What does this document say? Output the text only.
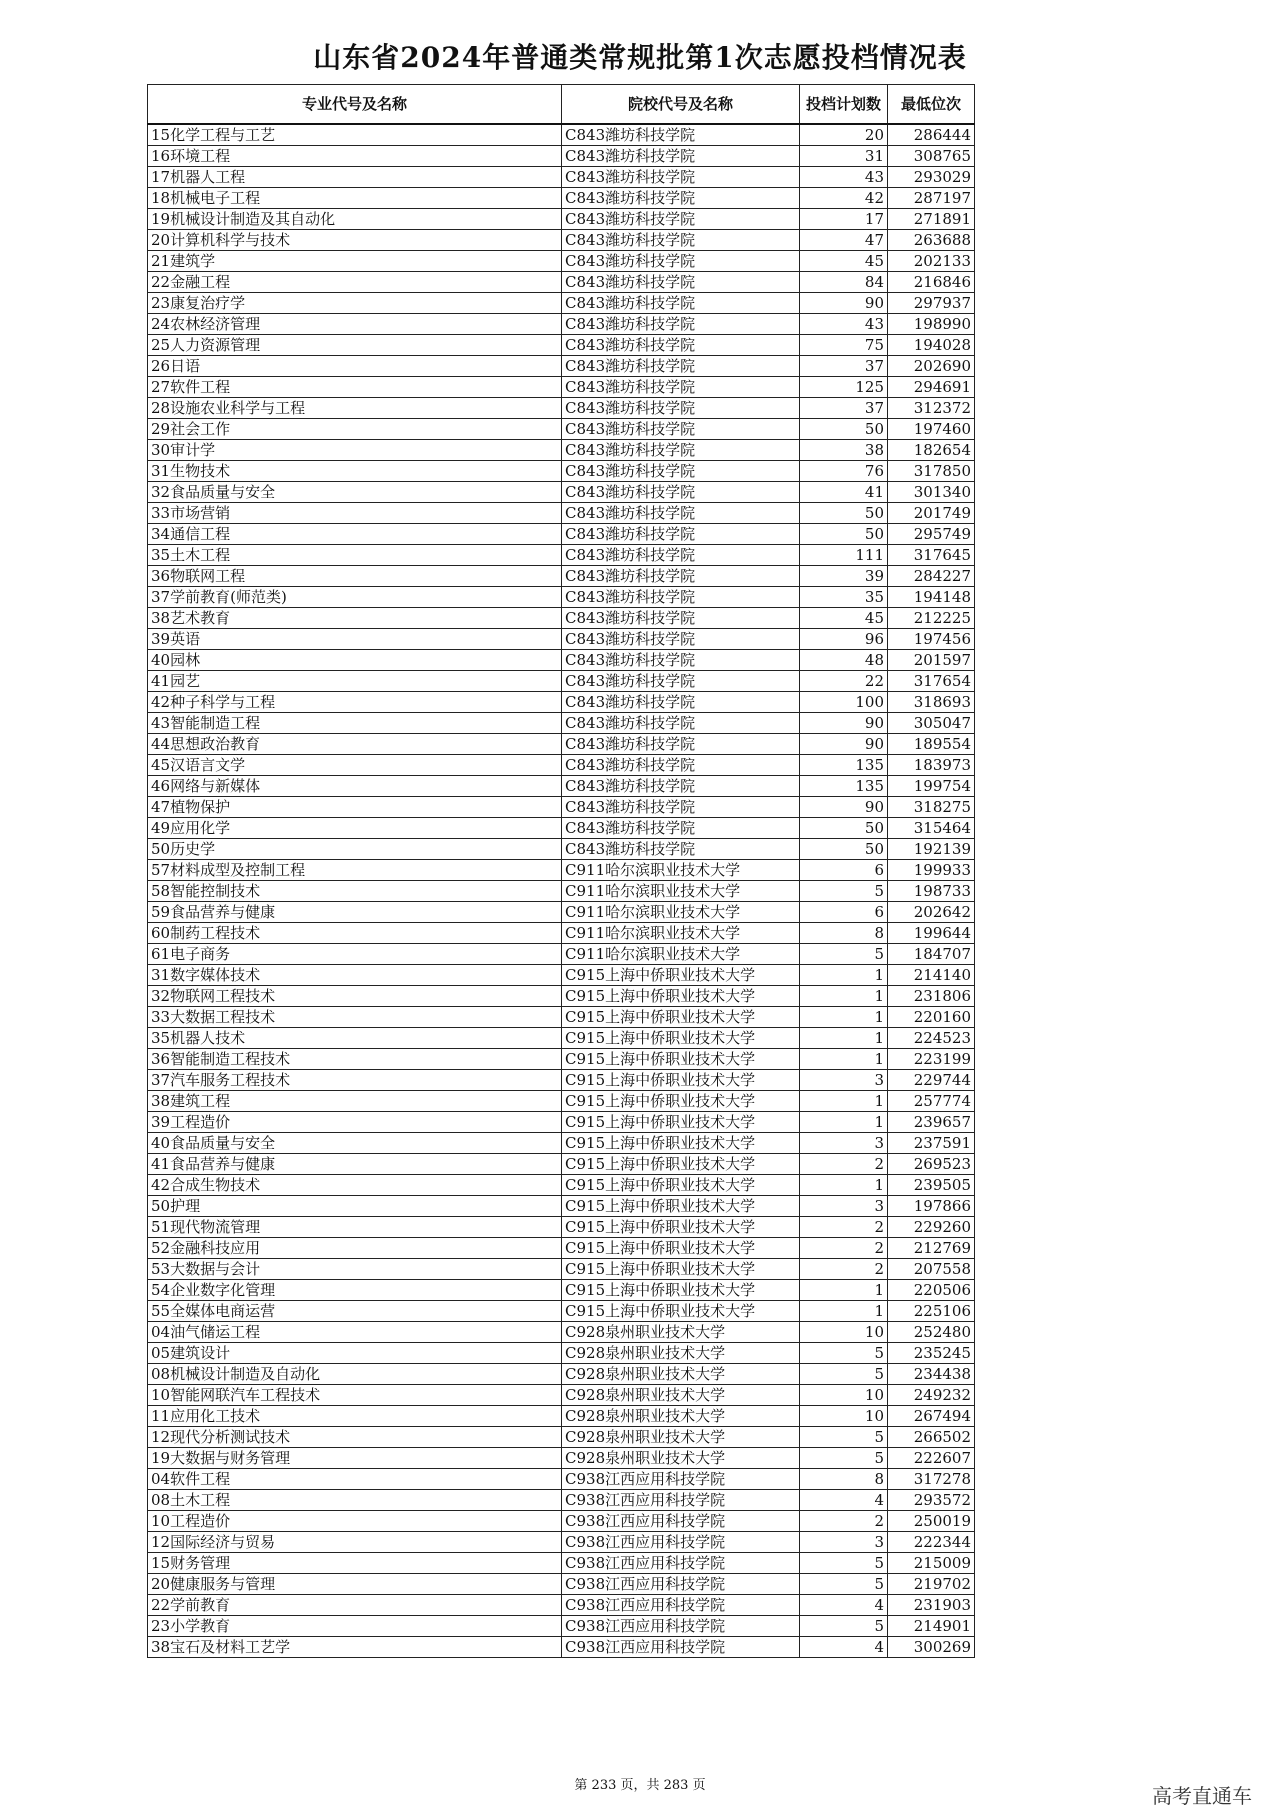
山东省2024年普通类常规批第1次志愿投档情况表
专业代号及名称	院校代号及名称	投档计划数	最低位次
15化学工程与工艺	C843潍坊科技学院	20	286444
16环境工程	C843潍坊科技学院	31	308765
17机器人工程	C843潍坊科技学院	43	293029
18机械电子工程	C843潍坊科技学院	42	287197
19机械设计制造及其自动化	C843潍坊科技学院	17	271891
20计算机科学与技术	C843潍坊科技学院	47	263688
21建筑学	C843潍坊科技学院	45	202133
22金融工程	C843潍坊科技学院	84	216846
23康复治疗学	C843潍坊科技学院	90	297937
24农林经济管理	C843潍坊科技学院	43	198990
25人力资源管理	C843潍坊科技学院	75	194028
26日语	C843潍坊科技学院	37	202690
27软件工程	C843潍坊科技学院	125	294691
28设施农业科学与工程	C843潍坊科技学院	37	312372
29社会工作	C843潍坊科技学院	50	197460
30审计学	C843潍坊科技学院	38	182654
31生物技术	C843潍坊科技学院	76	317850
32食品质量与安全	C843潍坊科技学院	41	301340
33市场营销	C843潍坊科技学院	50	201749
34通信工程	C843潍坊科技学院	50	295749
35土木工程	C843潍坊科技学院	111	317645
36物联网工程	C843潍坊科技学院	39	284227
37学前教育(师范类)	C843潍坊科技学院	35	194148
38艺术教育	C843潍坊科技学院	45	212225
39英语	C843潍坊科技学院	96	197456
40园林	C843潍坊科技学院	48	201597
41园艺	C843潍坊科技学院	22	317654
42种子科学与工程	C843潍坊科技学院	100	318693
43智能制造工程	C843潍坊科技学院	90	305047
44思想政治教育	C843潍坊科技学院	90	189554
45汉语言文学	C843潍坊科技学院	135	183973
46网络与新媒体	C843潍坊科技学院	135	199754
47植物保护	C843潍坊科技学院	90	318275
49应用化学	C843潍坊科技学院	50	315464
50历史学	C843潍坊科技学院	50	192139
57材料成型及控制工程	C911哈尔滨职业技术大学	6	199933
58智能控制技术	C911哈尔滨职业技术大学	5	198733
59食品营养与健康	C911哈尔滨职业技术大学	6	202642
60制药工程技术	C911哈尔滨职业技术大学	8	199644
61电子商务	C911哈尔滨职业技术大学	5	184707
31数字媒体技术	C915上海中侨职业技术大学	1	214140
32物联网工程技术	C915上海中侨职业技术大学	1	231806
33大数据工程技术	C915上海中侨职业技术大学	1	220160
35机器人技术	C915上海中侨职业技术大学	1	224523
36智能制造工程技术	C915上海中侨职业技术大学	1	223199
37汽车服务工程技术	C915上海中侨职业技术大学	3	229744
38建筑工程	C915上海中侨职业技术大学	1	257774
39工程造价	C915上海中侨职业技术大学	1	239657
40食品质量与安全	C915上海中侨职业技术大学	3	237591
41食品营养与健康	C915上海中侨职业技术大学	2	269523
42合成生物技术	C915上海中侨职业技术大学	1	239505
50护理	C915上海中侨职业技术大学	3	197866
51现代物流管理	C915上海中侨职业技术大学	2	229260
52金融科技应用	C915上海中侨职业技术大学	2	212769
53大数据与会计	C915上海中侨职业技术大学	2	207558
54企业数字化管理	C915上海中侨职业技术大学	1	220506
55全媒体电商运营	C915上海中侨职业技术大学	1	225106
04油气储运工程	C928泉州职业技术大学	10	252480
05建筑设计	C928泉州职业技术大学	5	235245
08机械设计制造及自动化	C928泉州职业技术大学	5	234438
10智能网联汽车工程技术	C928泉州职业技术大学	10	249232
11应用化工技术	C928泉州职业技术大学	10	267494
12现代分析测试技术	C928泉州职业技术大学	5	266502
19大数据与财务管理	C928泉州职业技术大学	5	222607
04软件工程	C938江西应用科技学院	8	317278
08土木工程	C938江西应用科技学院	4	293572
10工程造价	C938江西应用科技学院	2	250019
12国际经济与贸易	C938江西应用科技学院	3	222344
15财务管理	C938江西应用科技学院	5	215009
20健康服务与管理	C938江西应用科技学院	5	219702
22学前教育	C938江西应用科技学院	4	231903
23小学教育	C938江西应用科技学院	5	214901
38宝石及材料工艺学	C938江西应用科技学院	4	300269
第 233 页，共 283 页	高考直通车
